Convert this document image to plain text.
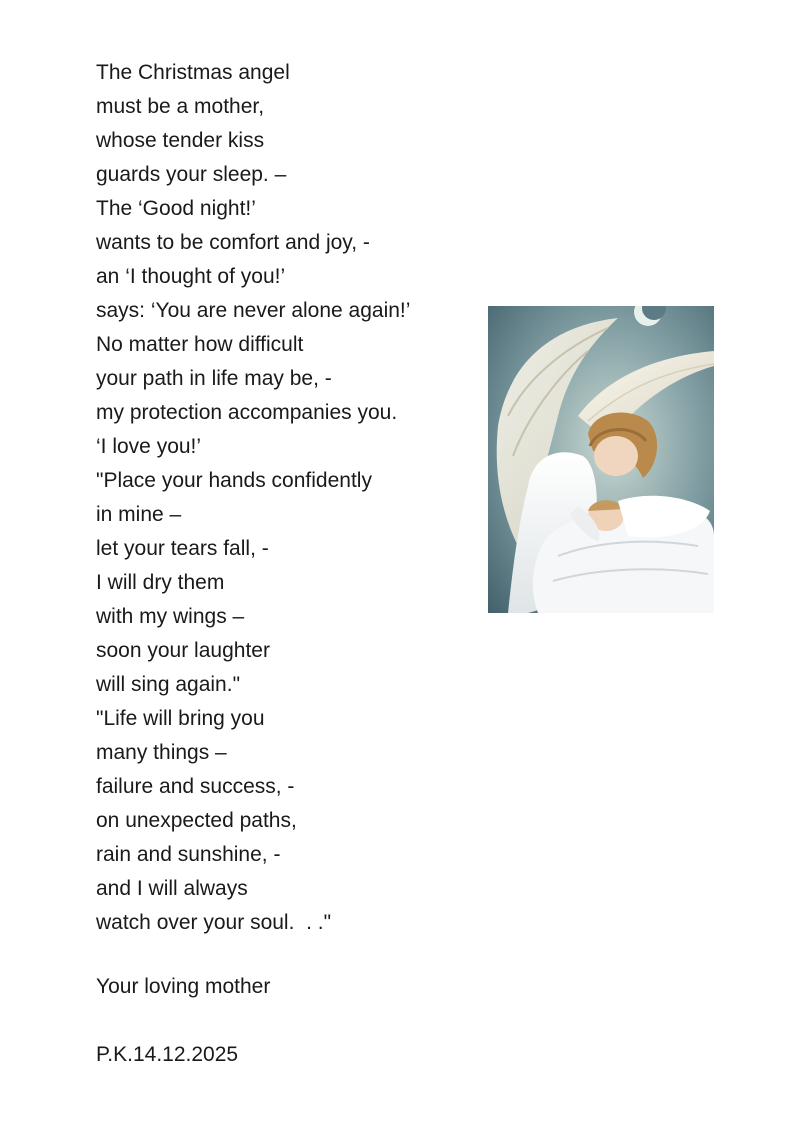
The Christmas angel
must be a mother,
whose tender kiss
guards your sleep. –
The ‘Good night!’
wants to be comfort and joy, -
an ‘I thought of you!’
says: ‘You are never alone again!’
No matter how difficult
your path in life may be, -
my protection accompanies you.
‘I love you!’
"Place your hands confidently
in mine –
let your tears fall, -
I will dry them
with my wings –
soon your laughter
will sing again."
"Life will bring you
many things –
failure and success, -
on unexpected paths,
rain and sunshine, -
and I will always
watch over your soul.  . ."
Your loving mother
P.K.14.12.2025
